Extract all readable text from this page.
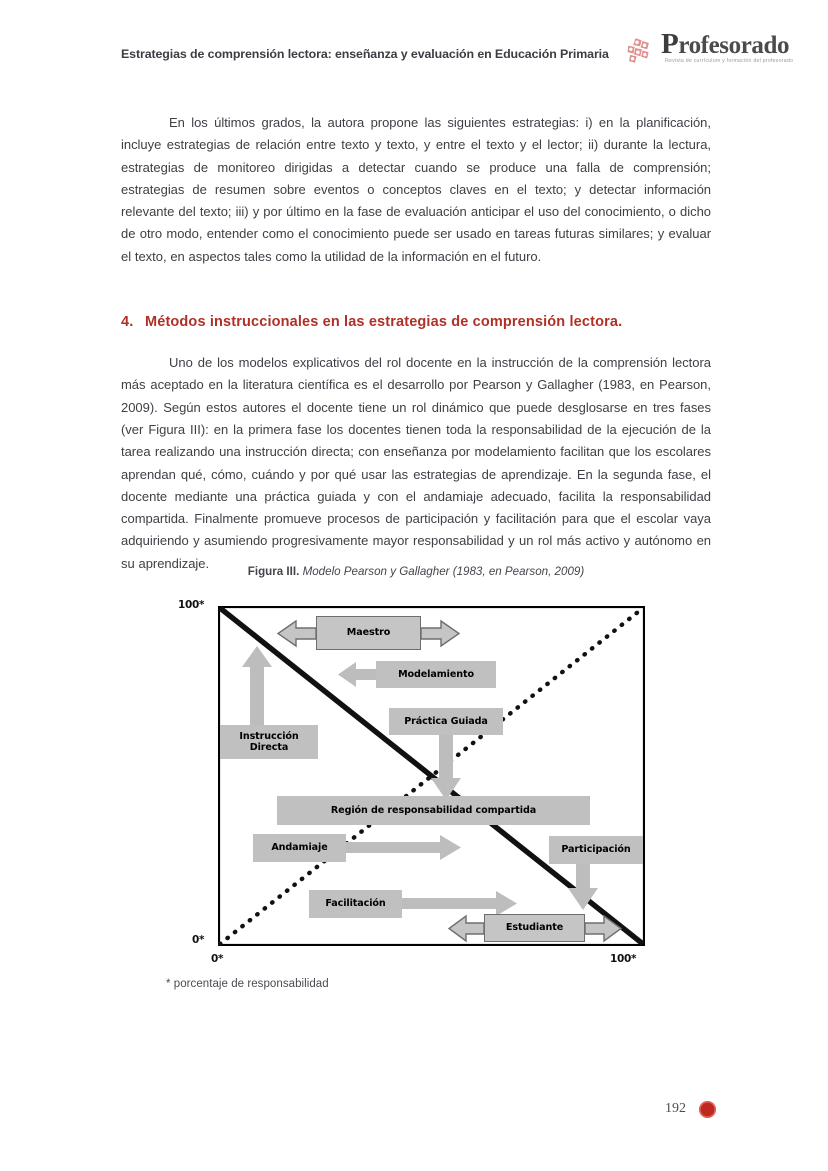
Estrategias de comprensión lectora: enseñanza y evaluación en Educación Primaria Profesorado
Revista de currículum y formación del profesorado

En los últimos grados, la autora propone las siguientes estrategias: i) en la planificación, incluye estrategias de relación entre texto y texto, y entre el texto y el lector; ii) durante la lectura, estrategias de monitoreo dirigidas a detectar cuando se produce una falla de comprensión; estrategias de resumen sobre eventos o conceptos claves en el texto; y detectar información relevante del texto; iii) y por último en la fase de evaluación anticipar el uso del conocimiento, o dicho de otro modo, entender como el conocimiento puede ser usado en tareas futuras similares; y evaluar el texto, en aspectos tales como la utilidad de la información en el futuro.

4. Métodos instruccionales en las estrategias de comprensión lectora.

Uno de los modelos explicativos del rol docente en la instrucción de la comprensión lectora más aceptado en la literatura científica es el desarrollo por Pearson y Gallagher (1983, en Pearson, 2009). Según estos autores el docente tiene un rol dinámico que puede desglosarse en tres fases (ver Figura III): en la primera fase los docentes tienen toda la responsabilidad de la ejecución de la tarea realizando una instrucción directa; con enseñanza por modelamiento facilitan que los escolares aprendan qué, cómo, cuándo y por qué usar las estrategias de aprendizaje. En la segunda fase, el docente mediante una práctica guiada y con el andamiaje adecuado, facilita la responsabilidad compartida. Finalmente promueve procesos de participación y facilitación para que el escolar vaya adquiriendo y asumiendo progresivamente mayor responsabilidad y un rol más activo y autónomo en su aprendizaje.

Figura III. Modelo Pearson y Gallagher (1983, en Pearson, 2009)
100*
0*
0*	100*
Maestro
Modelamiento
Instrucción Directa
Práctica Guiada
Región de responsabilidad compartida
Andamiaje
Facilitación
Participación
Estudiante
* porcentaje de responsabilidad
192
